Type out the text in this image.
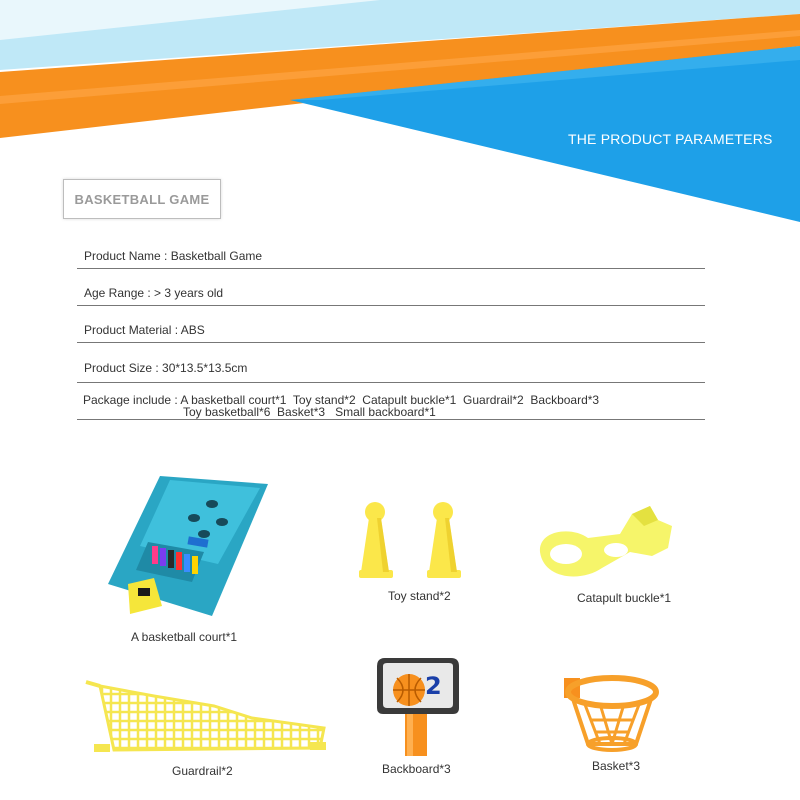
THE PRODUCT PARAMETERS
BASKETBALL GAME
Product Name : Basketball Game
Age Range : > 3 years old
Product Material : ABS
Product Size : 30*13.5*13.5cm
Package include : A basketball court*1  Toy stand*2  Catapult buckle*1  Guardrail*2  Backboard*3
Toy basketball*6  Basket*3   Small backboard*1
A basketball court*1
Toy stand*2	Catapult buckle*1
Guardrail*2
2
Backboard*3	Basket*3
